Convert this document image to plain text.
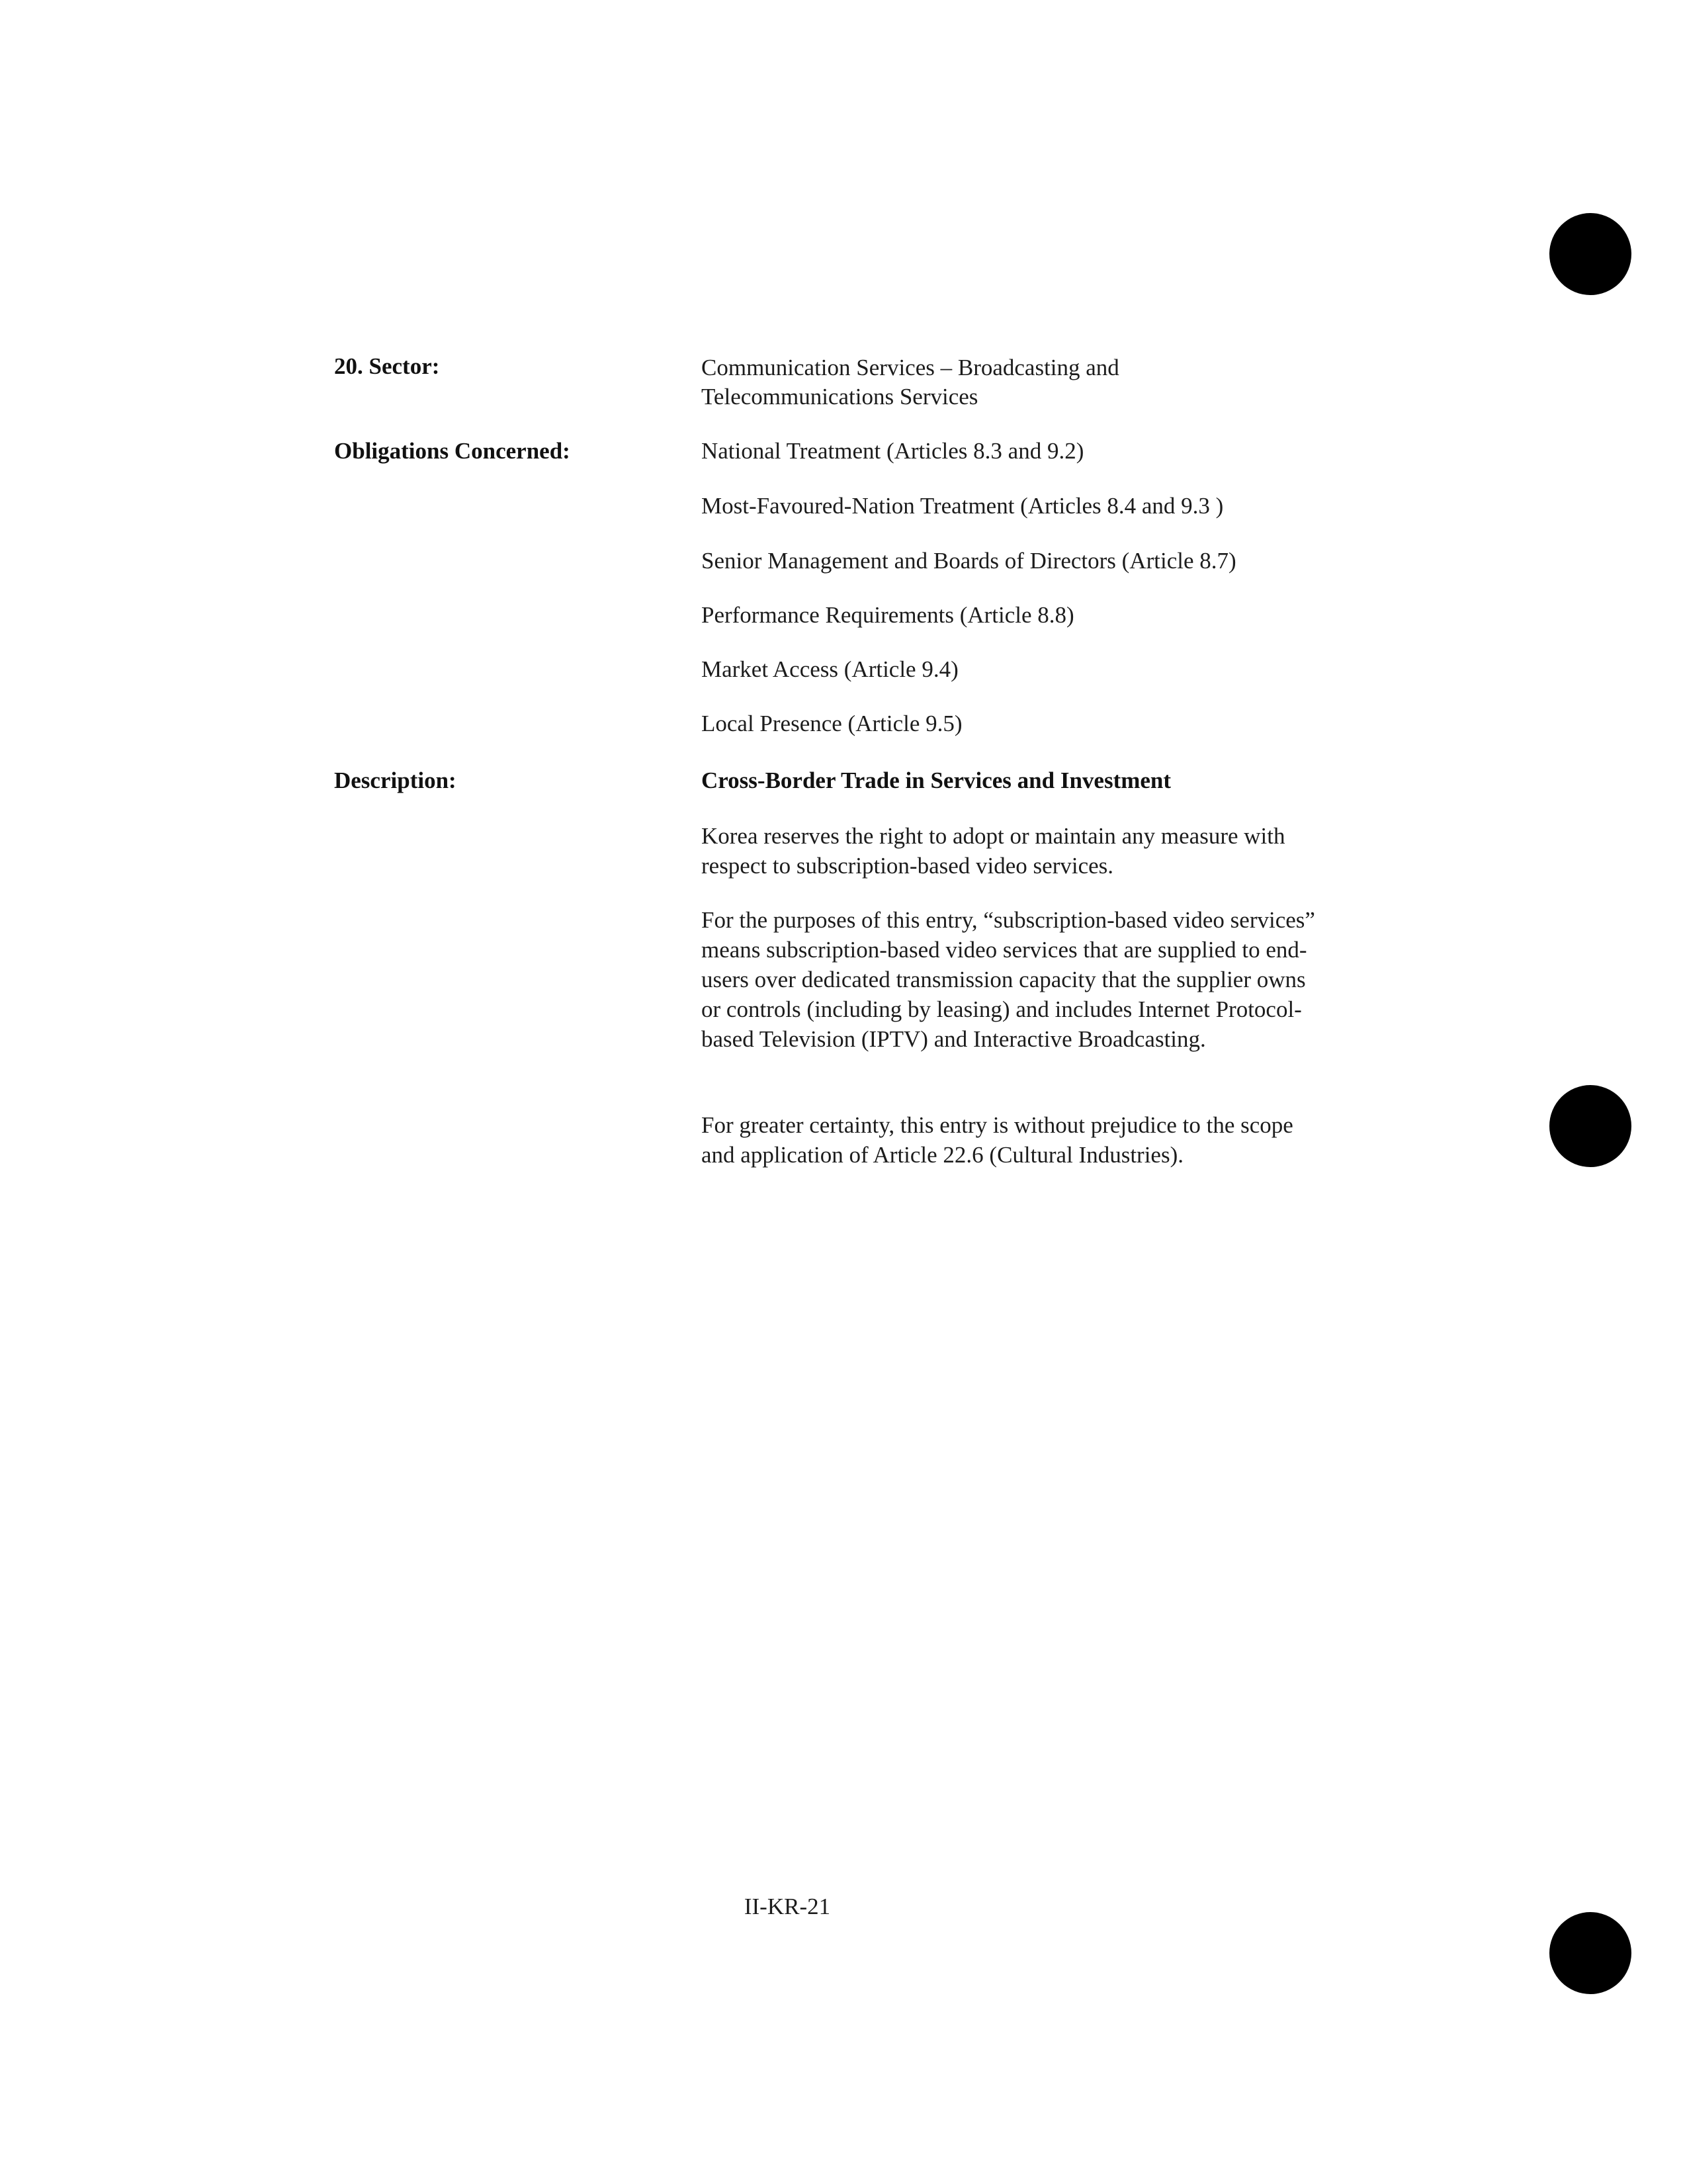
20. Sector:	Communication Services – Broadcasting and
Telecommunications Services
Obligations Concerned:	National Treatment (Articles 8.3 and 9.2)
Most-Favoured-Nation Treatment (Articles 8.4 and 9.3 )
Senior Management and Boards of Directors (Article 8.7)
Performance Requirements (Article 8.8)
Market Access (Article 9.4)
Local Presence (Article 9.5)
Description:	Cross-Border Trade in Services and Investment

Korea reserves the right to adopt or maintain any measure with respect to subscription-based video services.

For the purposes of this entry, “subscription-based video services” means subscription-based video services that are supplied to end-users over dedicated transmission capacity that the supplier owns or controls (including by leasing) and includes Internet Protocol-based Television (IPTV) and Interactive Broadcasting.

For greater certainty, this entry is without prejudice to the scope and application of Article 22.6 (Cultural Industries).

II-KR-21
